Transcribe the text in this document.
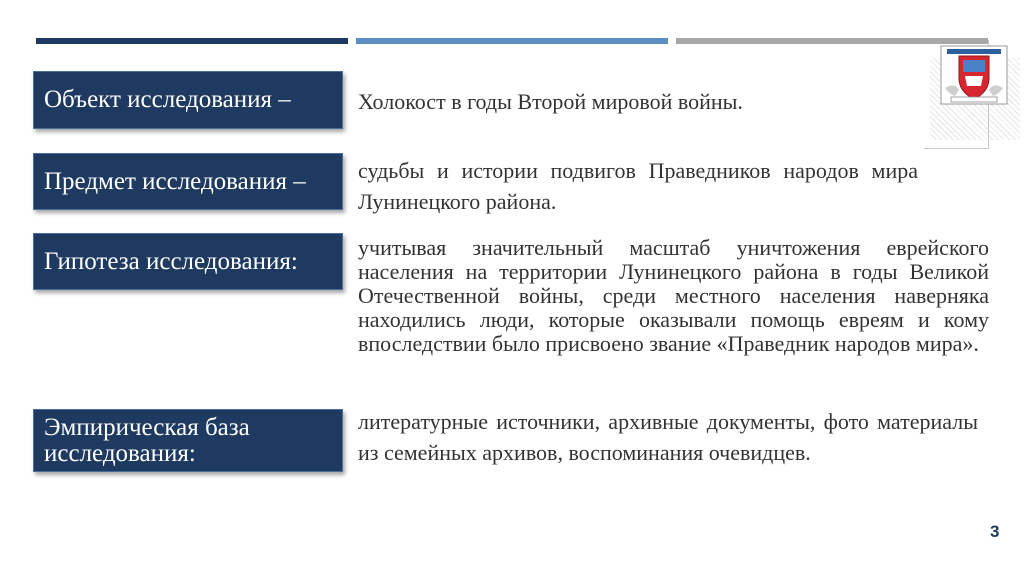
Объект исследования –	Холокост в годы Второй мировой войны.
Предмет исследования –	судьбы и истории подвигов Праведников народов мира Лунинецкого района.
Гипотеза исследования:	учитывая значительный масштаб уничтожения еврейского населения на территории Лунинецкого района в годы Великой Отечественной войны, среди местного населения наверняка находились люди, которые оказывали помощь евреям и кому впоследствии было присвоено звание «Праведник народов мира».
Эмпирическая база исследования:
литературные источники, архивные документы, фото материалы из семейных архивов, воспоминания очевидцев.
3
